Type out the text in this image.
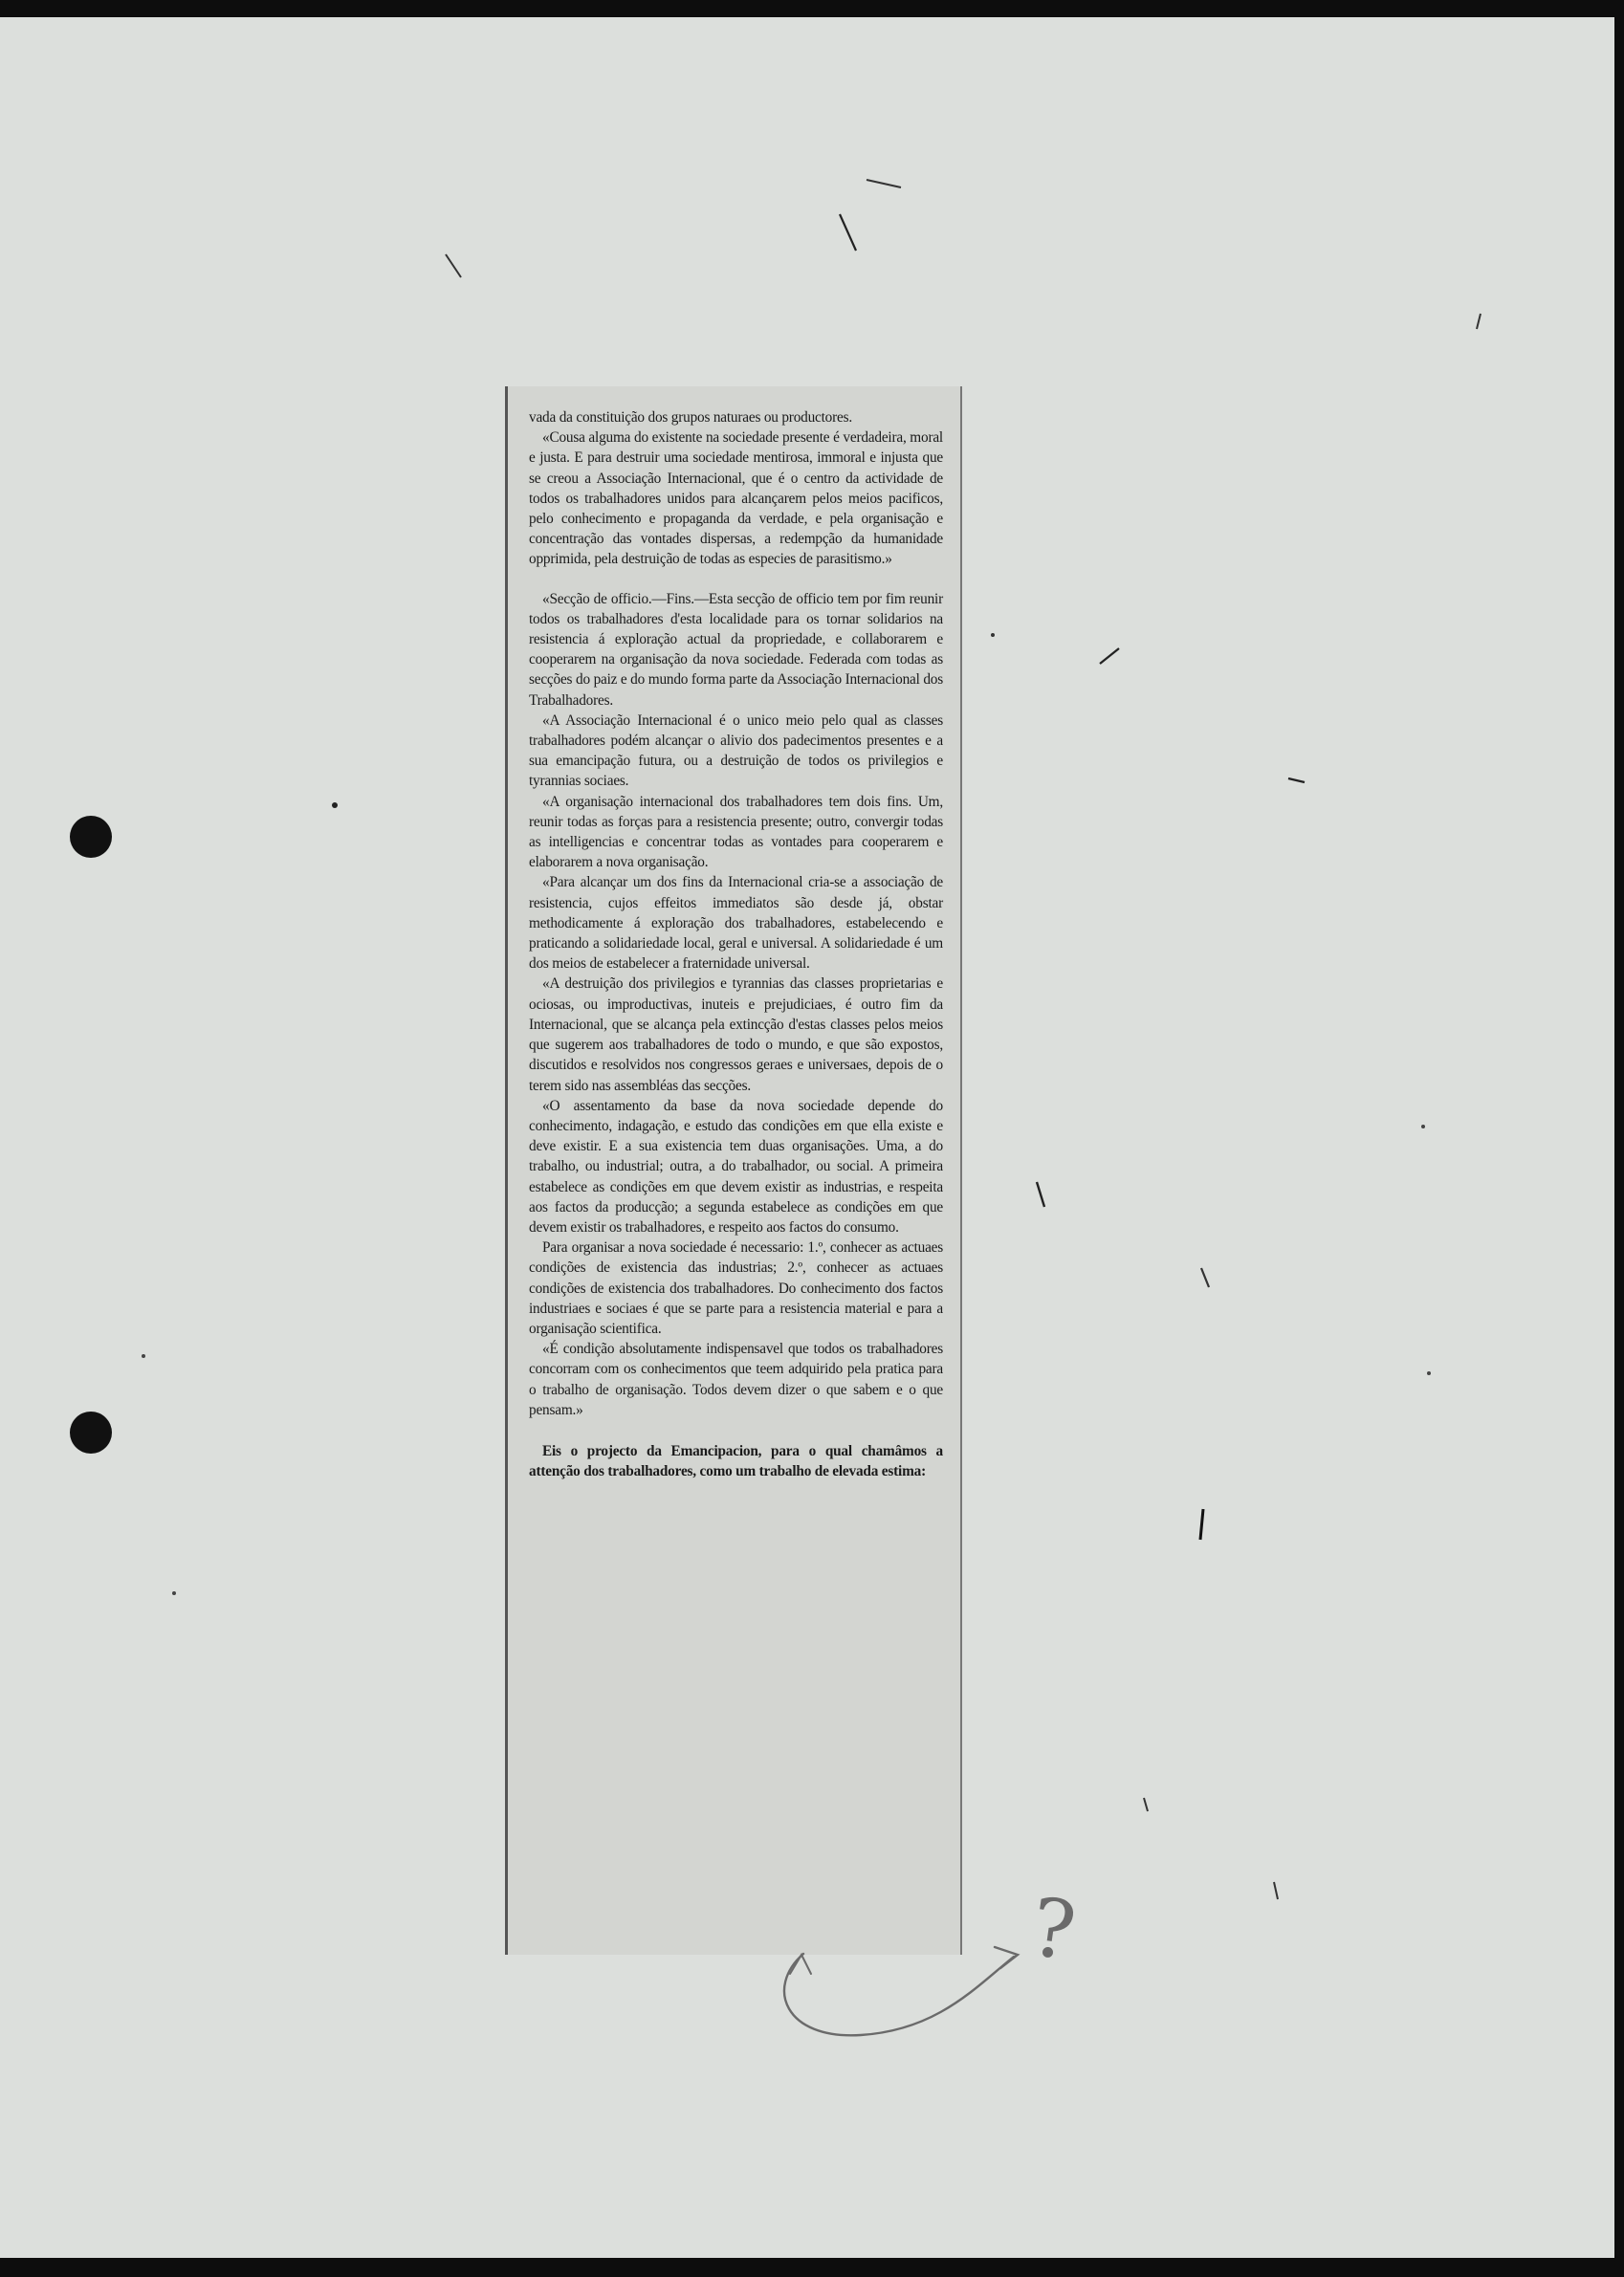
vada da constituição dos grupos naturaes ou productores.

«Cousa alguma do existente na sociedade presente é verdadeira, moral e justa. E para destruir uma sociedade mentirosa, immoral e injusta que se creou a Associação Internacional, que é o centro da actividade de todos os trabalhadores unidos para alcançarem pelos meios pacificos, pelo conhecimento e propaganda da verdade, e pela organisação e concentração das vontades dispersas, a redempção da humanidade opprimida, pela destruição de todas as especies de parasitismo.»

«Secção de officio.—Fins.—Esta secção de officio tem por fim reunir todos os trabalhadores d'esta localidade para os tornar solidarios na resistencia á exploração actual da propriedade, e collaborarem e cooperarem na organisação da nova sociedade. Federada com todas as secções do paiz e do mundo forma parte da Associação Internacional dos Trabalhadores.

«A Associação Internacional é o unico meio pelo qual as classes trabalhadores podém alcançar o alivio dos padecimentos presentes e a sua emancipação futura, ou a destruição de todos os privilegios e tyrannias sociaes.

«A organisação internacional dos trabalhadores tem dois fins. Um, reunir todas as forças para a resistencia presente; outro, convergir todas as intelligencias e concentrar todas as vontades para cooperarem e elaborarem a nova organisação.

«Para alcançar um dos fins da Internacional cria-se a associação de resistencia, cujos effeitos immediatos são desde já, obstar methodicamente á exploração dos trabalhadores, estabelecendo e praticando a solidariedade local, geral e universal. A solidariedade é um dos meios de estabelecer a fraternidade universal.

«A destruição dos privilegios e tyrannias das classes proprietarias e ociosas, ou improductivas, inuteis e prejudiciaes, é outro fim da Internacional, que se alcança pela extincção d'estas classes pelos meios que sugerem aos trabalhadores de todo o mundo, e que são expostos, discutidos e resolvidos nos congressos geraes e universaes, depois de o terem sido nas assembléas das secções.

«O assentamento da base da nova sociedade depende do conhecimento, indagação, e estudo das condições em que ella existe e deve existir. E a sua existencia tem duas organisações. Uma, a do trabalho, ou industrial; outra, a do trabalhador, ou social. A primeira estabelece as condições em que devem existir as industrias, e respeita aos factos da producção; a segunda estabelece as condições em que devem existir os trabalhadores, e respeito aos factos do consumo.

Para organisar a nova sociedade é necessario: 1.º, conhecer as actuaes condições de existencia das industrias; 2.º, conhecer as actuaes condições de existencia dos trabalhadores. Do conhecimento dos factos industriaes e sociaes é que se parte para a resistencia material e para a organisação scientifica.

«É condição absolutamente indispensavel que todos os trabalhadores concorram com os conhecimentos que teem adquirido pela pratica para o trabalho de organisação. Todos devem dizer o que sabem e o que pensam.»

Eis o projecto da Emancipacion, para o qual chamâmos a attenção dos trabalhadores, como um trabalho de elevada estima:

?
